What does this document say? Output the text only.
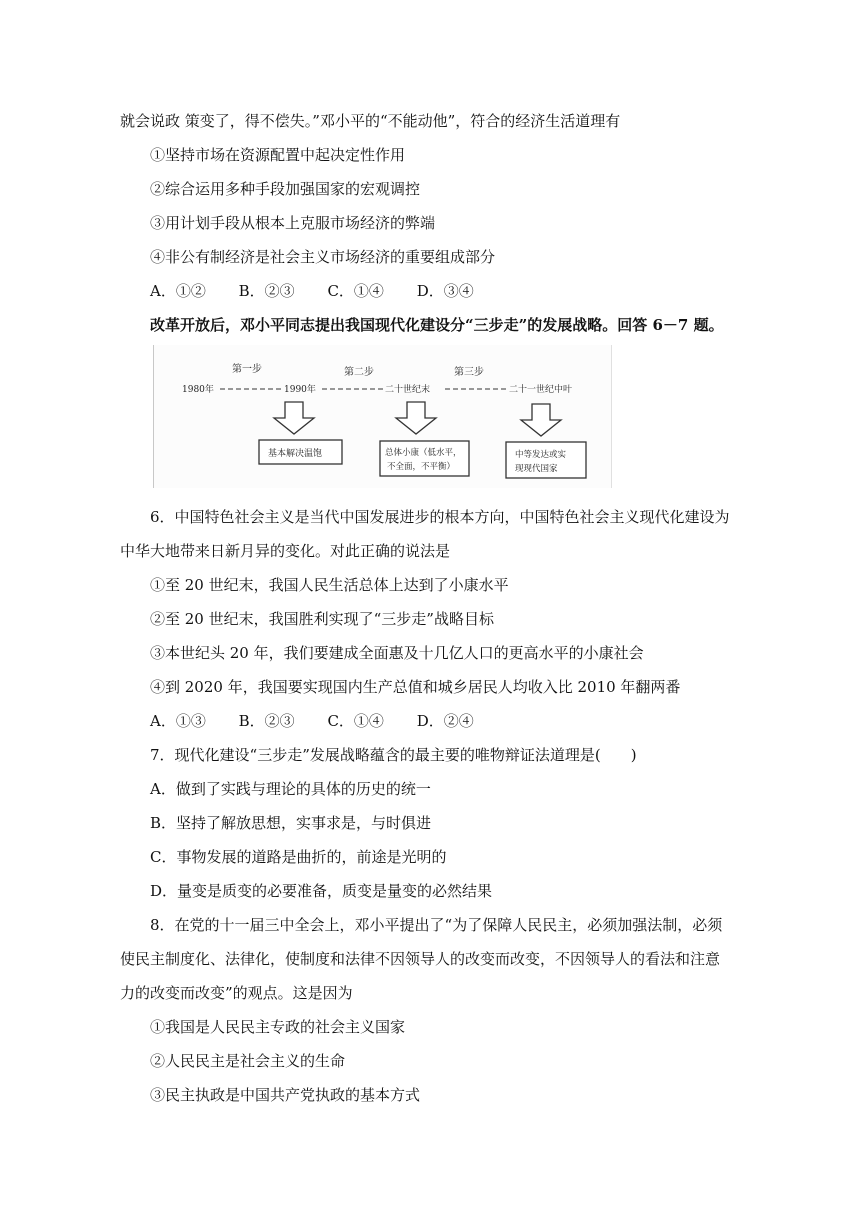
就会说政 策变了，得不偿失。”邓小平的“不能动他”，符合的经济生活道理有
①坚持市场在资源配置中起决定性作用
②综合运用多种手段加强国家的宏观调控
③用计划手段从根本上克服市场经济的弊端
④非公有制经济是社会主义市场经济的重要组成部分
A．①② B．②③ C．①④ D．③④
改革开放后，邓小平同志提出我国现代化建设分“三步走”的发展战略。回答 6－7 题。
第一步	第二步	第三步
1980年	1990年	二十世纪末	二十一世纪中叶
基本解决温饱	总体小康（低水平，
不全面，不平衡）
中等发达或实
现现代国家
6．中国特色社会主义是当代中国发展进步的根本方向，中国特色社会主义现代化建设为
中华大地带来日新月异的变化。对此正确的说法是
①至 20 世纪末，我国人民生活总体上达到了小康水平
②至 20 世纪末，我国胜利实现了“三步走”战略目标
③本世纪头 20 年，我们要建成全面惠及十几亿人口的更高水平的小康社会
④到 2020 年，我国要实现国内生产总值和城乡居民人均收入比 2010 年翻两番
A．①③ B．②③ C．①④ D．②④
7．现代化建设“三步走”发展战略蕴含的最主要的唯物辩证法道理是(　　)
A．做到了实践与理论的具体的历史的统一
B．坚持了解放思想，实事求是，与时俱进
C．事物发展的道路是曲折的，前途是光明的
D．量变是质变的必要准备，质变是量变的必然结果
8．在党的十一届三中全会上，邓小平提出了“为了保障人民民主，必须加强法制，必须
使民主制度化、法律化，使制度和法律不因领导人的改变而改变，不因领导人的看法和注意
力的改变而改变”的观点。这是因为
①我国是人民民主专政的社会主义国家
②人民民主是社会主义的生命
③民主执政是中国共产党执政的基本方式
